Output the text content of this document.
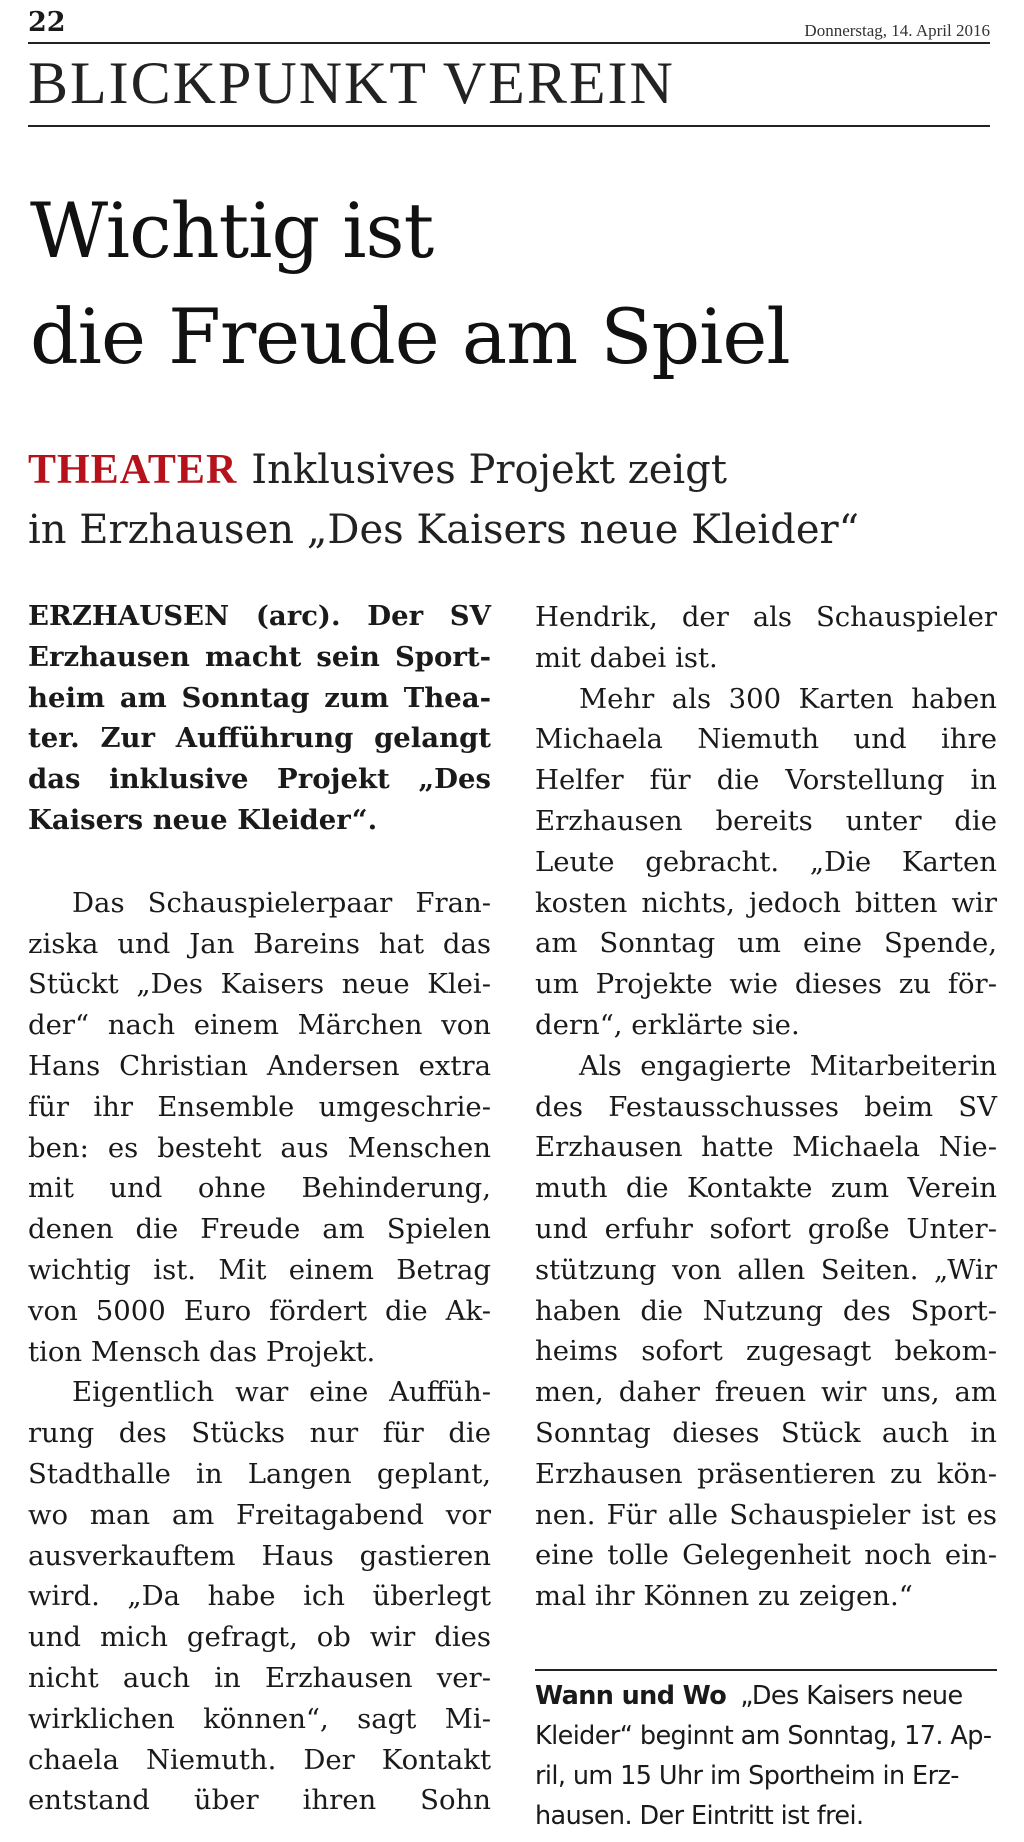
22	Donnerstag, 14. April 2016
BLICKPUNKT VEREIN
Wichtig ist
die Freude am Spiel
THEATER Inklusives Projekt zeigt
in Erzhausen „Des Kaisers neue Kleider“
ERZHAUSEN (arc). Der SV
Erzhausen macht sein Sport-
heim am Sonntag zum Thea-
ter. Zur Aufführung gelangt
das inklusive Projekt „Des
Kaisers neue Kleider“.
Das Schauspielerpaar Fran-
ziska und Jan Bareins hat das
Stückt „Des Kaisers neue Klei-
der“ nach einem Märchen von
Hans Christian Andersen extra
für ihr Ensemble umgeschrie-
ben: es besteht aus Menschen
mit und ohne Behinderung,
denen die Freude am Spielen
wichtig ist. Mit einem Betrag
von 5000 Euro fördert die Ak-
tion Mensch das Projekt.
Eigentlich war eine Auffüh-
rung des Stücks nur für die
Stadthalle in Langen geplant,
wo man am Freitagabend vor
ausverkauftem Haus gastieren
wird. „Da habe ich überlegt
und mich gefragt, ob wir dies
nicht auch in Erzhausen ver-
wirklichen können“, sagt Mi-
chaela Niemuth. Der Kontakt
entstand über ihren Sohn
Hendrik, der als Schauspieler
mit dabei ist.
Mehr als 300 Karten haben
Michaela Niemuth und ihre
Helfer für die Vorstellung in
Erzhausen bereits unter die
Leute gebracht. „Die Karten
kosten nichts, jedoch bitten wir
am Sonntag um eine Spende,
um Projekte wie dieses zu för-
dern“, erklärte sie.
Als engagierte Mitarbeiterin
des Festausschusses beim SV
Erzhausen hatte Michaela Nie-
muth die Kontakte zum Verein
und erfuhr sofort große Unter-
stützung von allen Seiten. „Wir
haben die Nutzung des Sport-
heims sofort zugesagt bekom-
men, daher freuen wir uns, am
Sonntag dieses Stück auch in
Erzhausen präsentieren zu kön-
nen. Für alle Schauspieler ist es
eine tolle Gelegenheit noch ein-
mal ihr Können zu zeigen.“
Wann und Wo „Des Kaisers neue
Kleider“ beginnt am Sonntag, 17. Ap-
ril, um 15 Uhr im Sportheim in Erz-
hausen. Der Eintritt ist frei.
